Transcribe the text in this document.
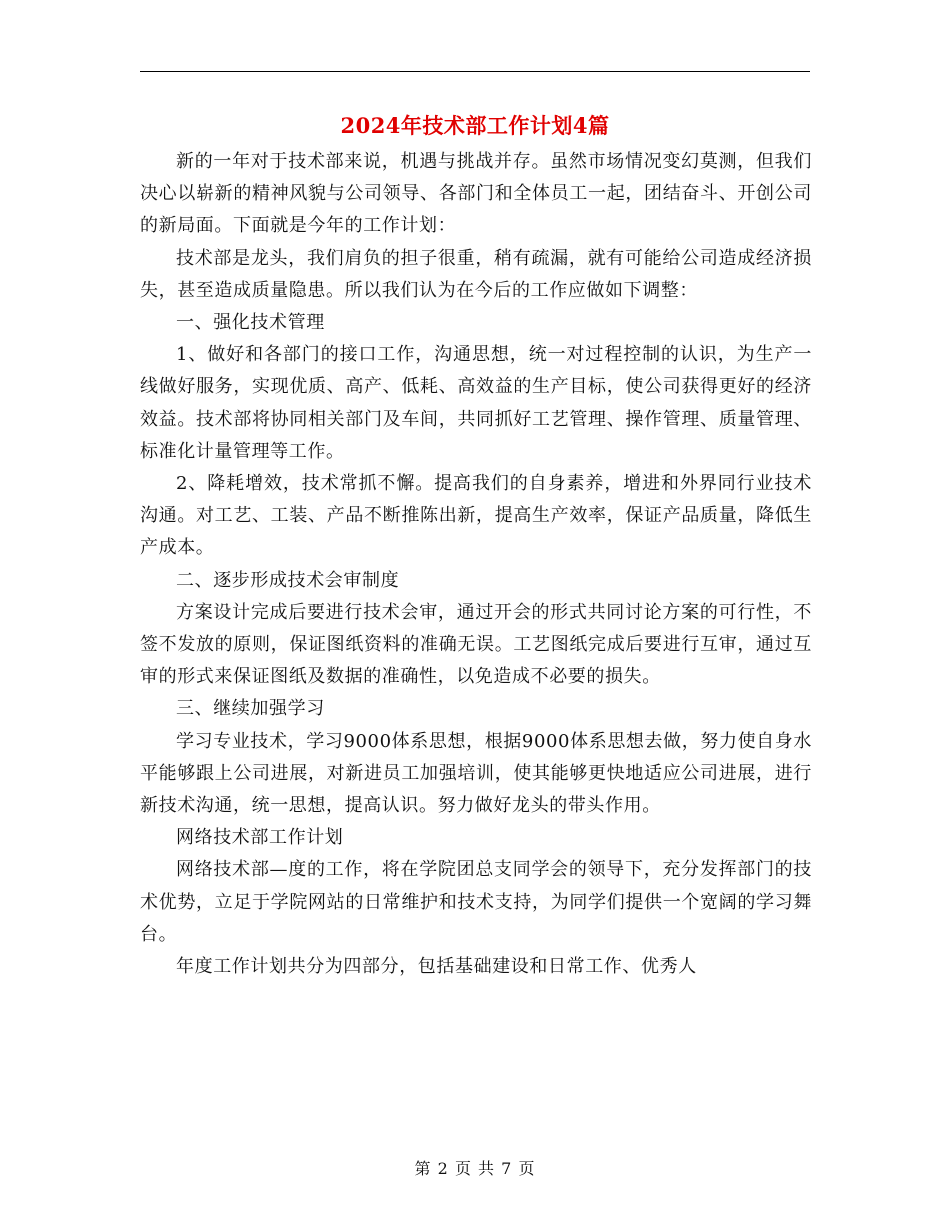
2024年技术部工作计划4篇

新的一年对于技术部来说，机遇与挑战并存。虽然市场情况变幻莫测，但我们决心以崭新的精神风貌与公司领导、各部门和全体员工一起，团结奋斗、开创公司的新局面。下面就是今年的工作计划：

技术部是龙头，我们肩负的担子很重，稍有疏漏，就有可能给公司造成经济损失，甚至造成质量隐患。所以我们认为在今后的工作应做如下调整：

一、强化技术管理

1、做好和各部门的接口工作，沟通思想，统一对过程控制的认识，为生产一线做好服务，实现优质、高产、低耗、高效益的生产目标，使公司获得更好的经济效益。技术部将协同相关部门及车间，共同抓好工艺管理、操作管理、质量管理、标准化计量管理等工作。

2、降耗增效，技术常抓不懈。提高我们的自身素养，增进和外界同行业技术沟通。对工艺、工装、产品不断推陈出新，提高生产效率，保证产品质量，降低生产成本。

二、逐步形成技术会审制度

方案设计完成后要进行技术会审，通过开会的形式共同讨论方案的可行性，不签不发放的原则，保证图纸资料的准确无误。工艺图纸完成后要进行互审，通过互审的形式来保证图纸及数据的准确性，以免造成不必要的损失。

三、继续加强学习

学习专业技术，学习9000体系思想，根据9000体系思想去做，努力使自身水平能够跟上公司进展，对新进员工加强培训，使其能够更快地适应公司进展，进行新技术沟通，统一思想，提高认识。努力做好龙头的带头作用。

网络技术部工作计划

网络技术部—度的工作，将在学院团总支同学会的领导下，充分发挥部门的技术优势，立足于学院网站的日常维护和技术支持，为同学们提供一个宽阔的学习舞台。

年度工作计划共分为四部分，包括基础建设和日常工作、优秀人

第 2 页 共 7 页
